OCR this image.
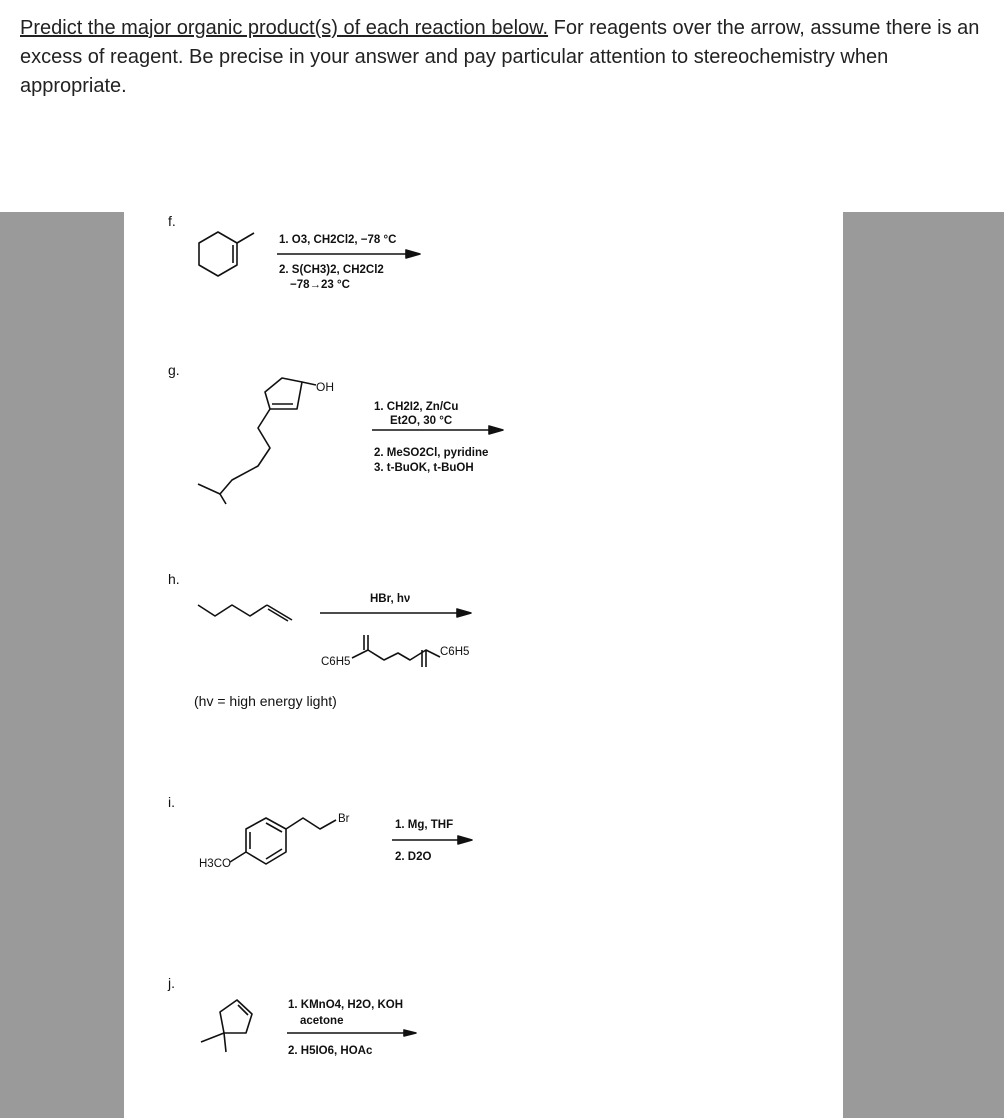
Predict the major organic product(s) of each reaction below. For reagents over the arrow, assume there is an excess of reagent. Be precise in your answer and pay particular attention to stereochemistry when appropriate.
f.
g.
h.
i.
j.
1. O3, CH2Cl2, −78 °C
2. S(CH3)2, CH2Cl2
−78→23 °C
OH
1. CH2I2, Zn/Cu
Et2O, 30 °C
2. MeSO2Cl, pyridine
3. t-BuOK, t-BuOH
HBr, hν
C6H5
C6H5
(hv = high energy light)
Br
H3CO
1. Mg, THF
2. D2O
1. KMnO4, H2O, KOH
acetone
2. H5IO6, HOAc
